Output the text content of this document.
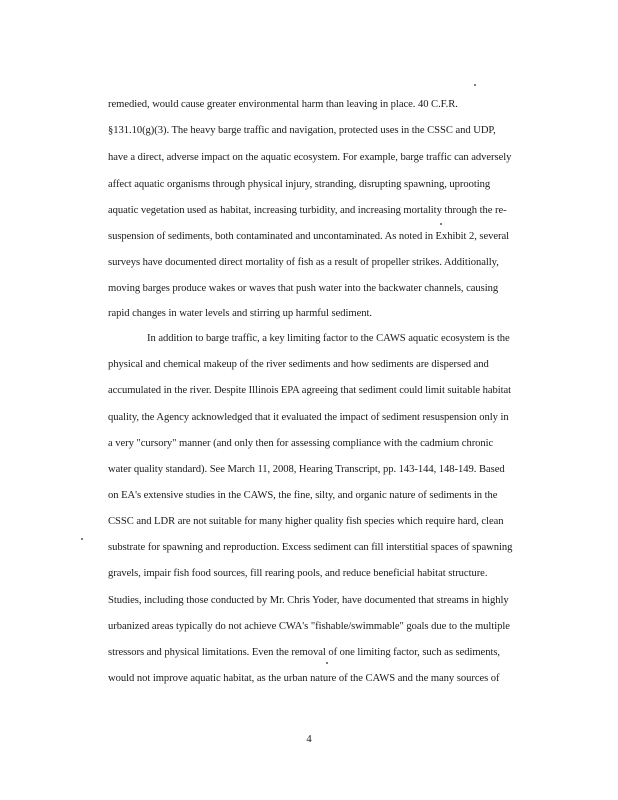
remedied, would cause greater environmental harm than leaving in place. 40 C.F.R.
§131.10(g)(3). The heavy barge traffic and navigation, protected uses in the CSSC and UDP,
have a direct, adverse impact on the aquatic ecosystem. For example, barge traffic can adversely
affect aquatic organisms through physical injury, stranding, disrupting spawning, uprooting
aquatic vegetation used as habitat, increasing turbidity, and increasing mortality through the re-
suspension of sediments, both contaminated and uncontaminated. As noted in Exhibit 2, several
surveys have documented direct mortality of fish as a result of propeller strikes. Additionally,
moving barges produce wakes or waves that push water into the backwater channels, causing
rapid changes in water levels and stirring up harmful sediment.
In addition to barge traffic, a key limiting factor to the CAWS aquatic ecosystem is the
physical and chemical makeup of the river sediments and how sediments are dispersed and
accumulated in the river. Despite Illinois EPA agreeing that sediment could limit suitable habitat
quality, the Agency acknowledged that it evaluated the impact of sediment resuspension only in
a very "cursory" manner (and only then for assessing compliance with the cadmium chronic
water quality standard). See March 11, 2008, Hearing Transcript, pp. 143-144, 148-149. Based
on EA's extensive studies in the CAWS, the fine, silty, and organic nature of sediments in the
CSSC and LDR are not suitable for many higher quality fish species which require hard, clean
substrate for spawning and reproduction. Excess sediment can fill interstitial spaces of spawning
gravels, impair fish food sources, fill rearing pools, and reduce beneficial habitat structure.
Studies, including those conducted by Mr. Chris Yoder, have documented that streams in highly
urbanized areas typically do not achieve CWA's "fishable/swimmable" goals due to the multiple
stressors and physical limitations. Even the removal of one limiting factor, such as sediments,
would not improve aquatic habitat, as the urban nature of the CAWS and the many sources of
4
